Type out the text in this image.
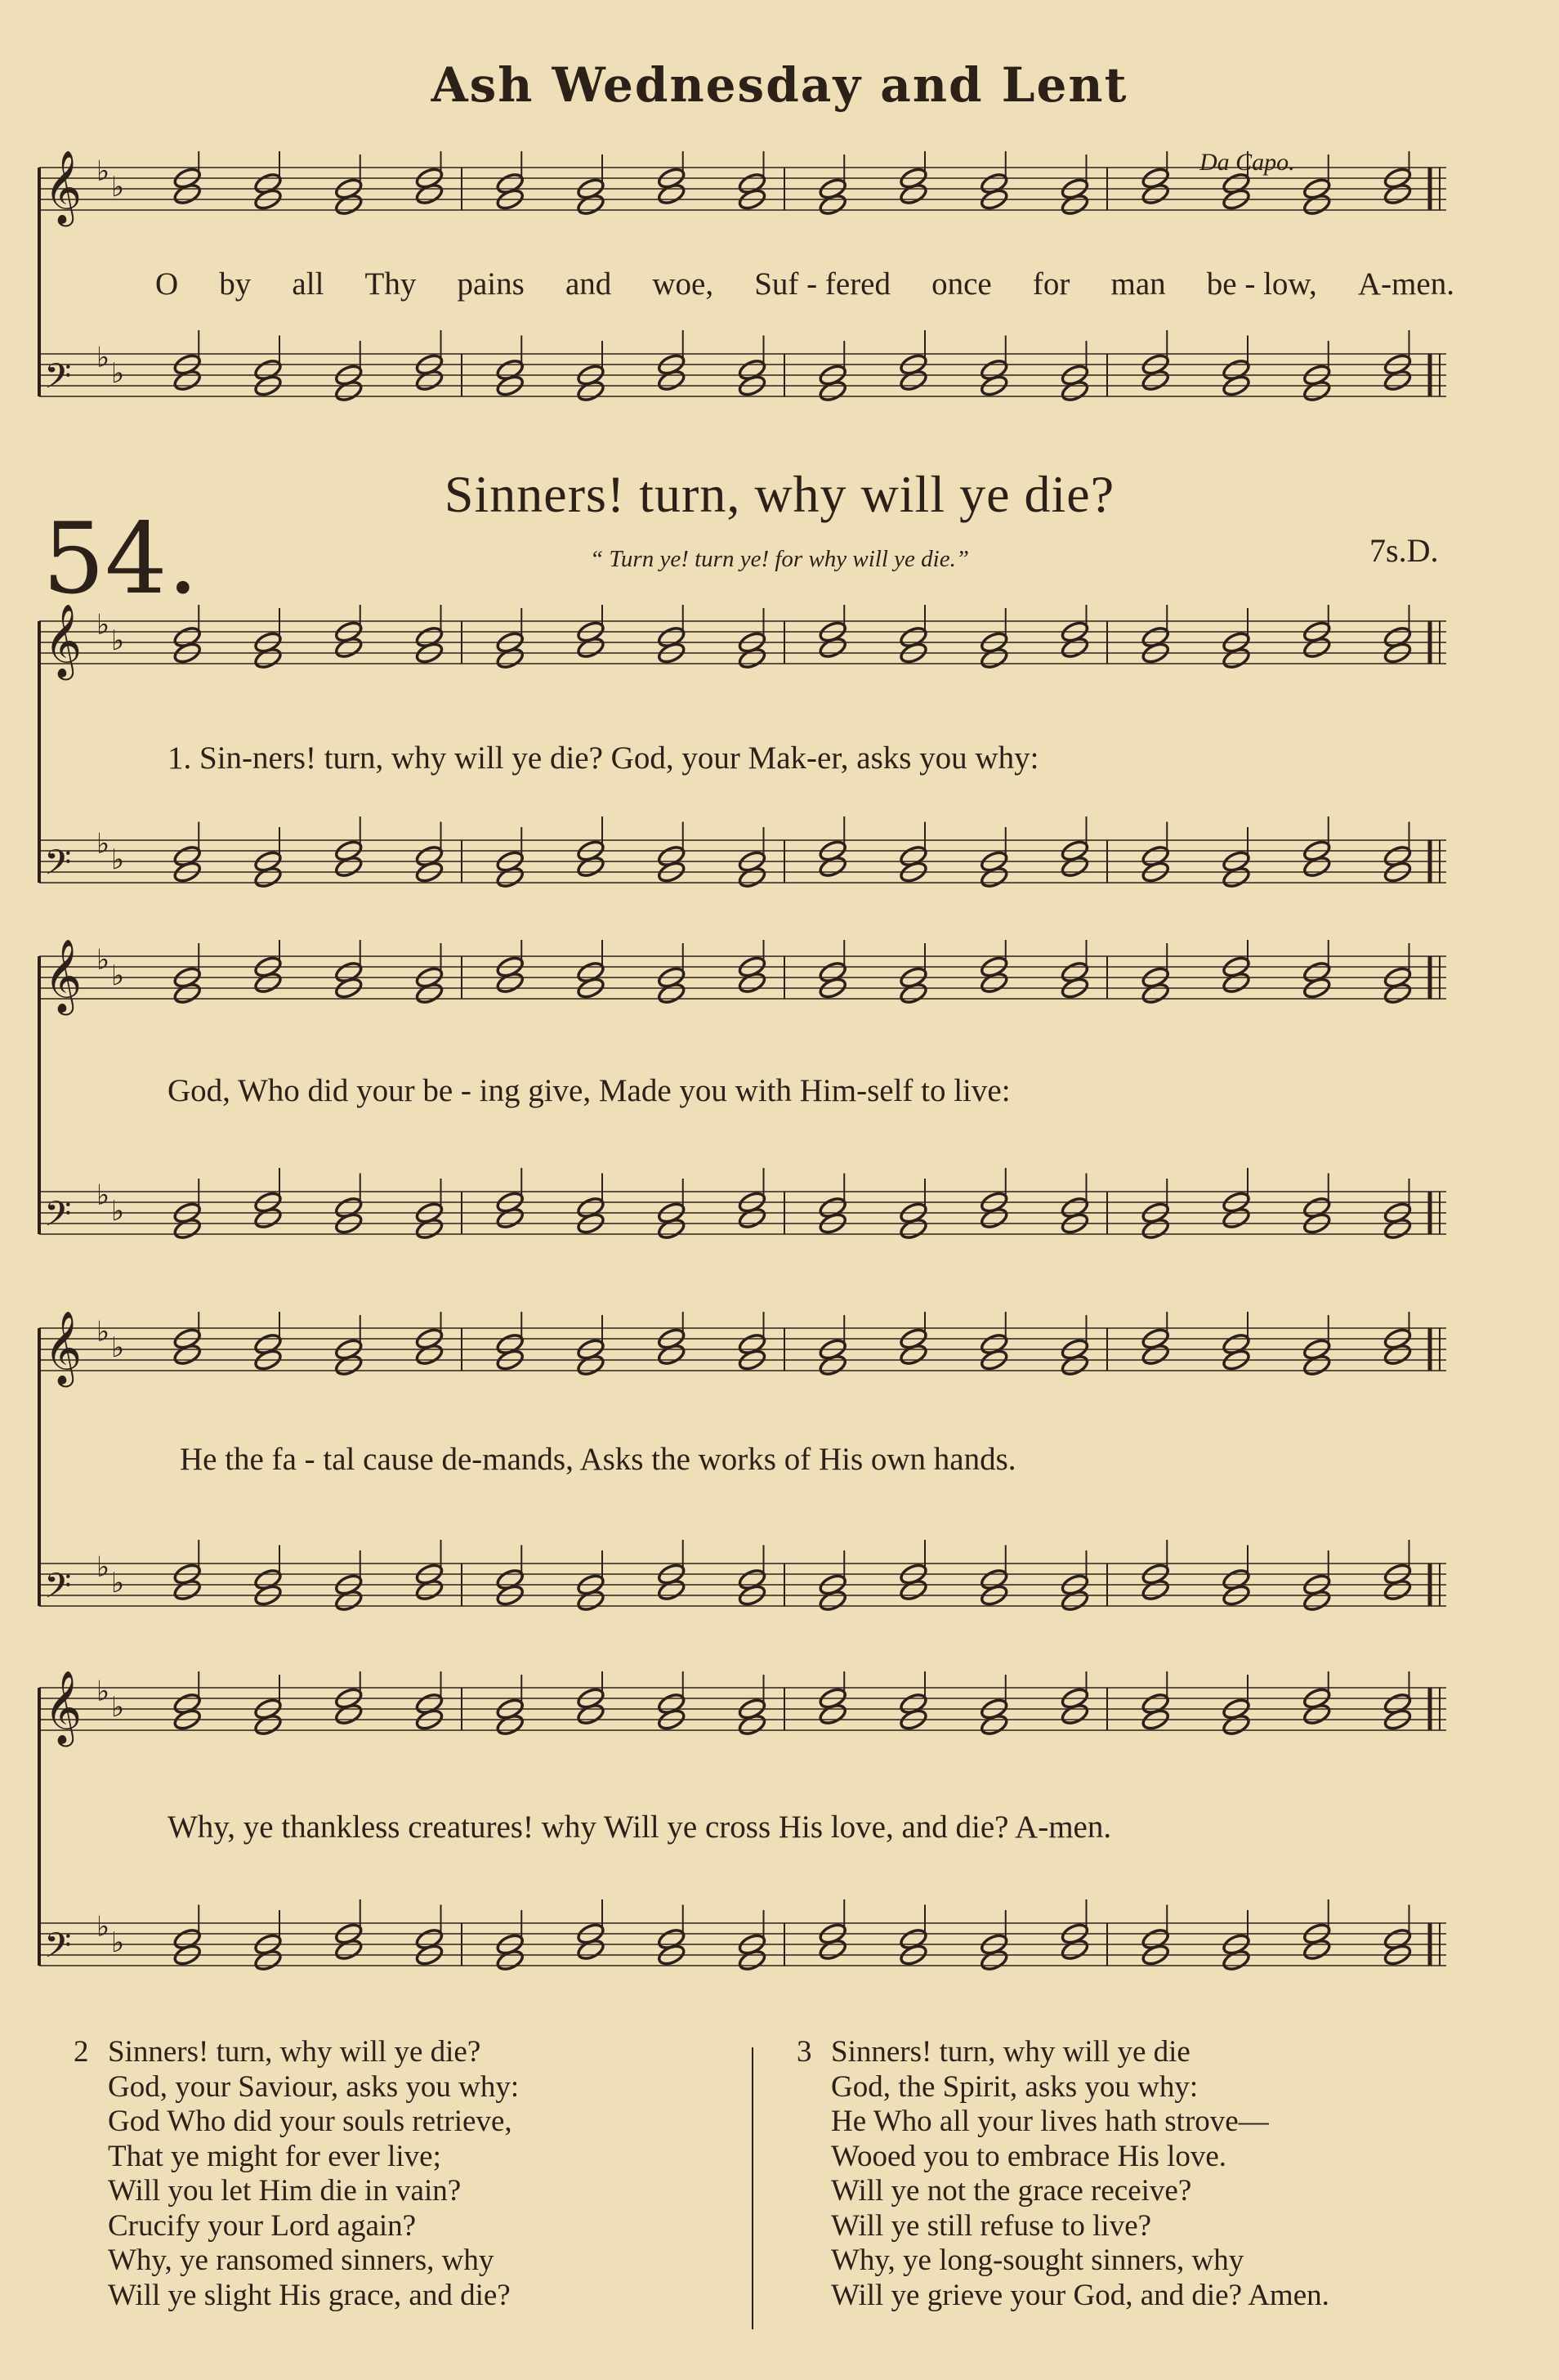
Ash Wednesday and Lent
𝄞 ♭ ♭
𝄢 ♭ ♭
Da Capo.
O by all Thy pains and woe, Suf - fered once for man be - low, A-men.
54.
Sinners! turn, why will ye die?
“ Turn ye! turn ye! for why will ye die.”	7s.D.
𝄞 ♭ ♭
𝄢 ♭ ♭
1. Sin-ners! turn, why will ye die? God, your Mak-er, asks you why:
𝄞 ♭ ♭
𝄢 ♭ ♭
God, Who did your be - ing give, Made you with Him-self to live:
𝄞 ♭ ♭
𝄢 ♭ ♭
He the fa - tal cause de-mands, Asks the works of His own hands.
𝄞 ♭ ♭
𝄢 ♭ ♭
Why, ye thankless creatures! why Will ye cross His love, and die? A-men.
2 Sinners! turn, why will ye die?
God, your Saviour, asks you why:
God Who did your souls retrieve,
That ye might for ever live;
Will you let Him die in vain?
Crucify your Lord again?
Why, ye ransomed sinners, why
Will ye slight His grace, and die?
3 Sinners! turn, why will ye die
God, the Spirit, asks you why:
He Who all your lives hath strove—
Wooed you to embrace His love.
Will ye not the grace receive?
Will ye still refuse to live?
Why, ye long-sought sinners, why
Will ye grieve your God, and die? Amen.
